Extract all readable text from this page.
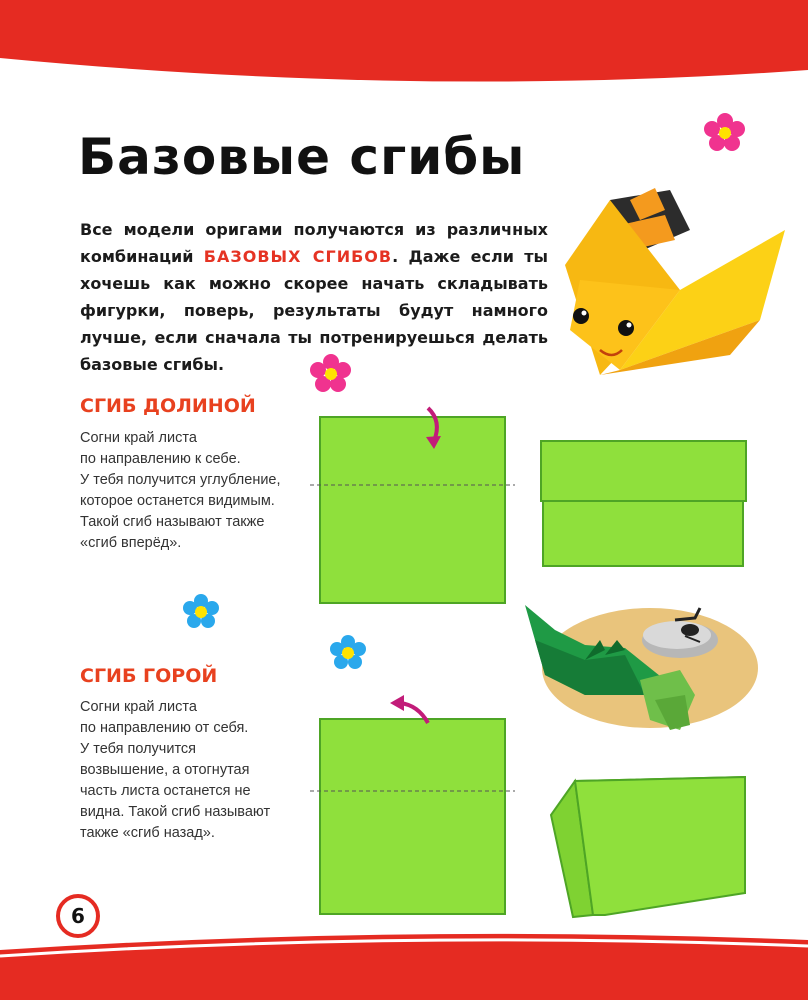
Базовые сгибы
Все модели оригами получаются из различных комбинаций БАЗОВЫХ СГИБОВ. Даже если ты хочешь как можно скорее начать складывать фигурки, поверь, результаты будут намного лучше, если сначала ты потренируешься делать базовые сгибы.
СГИБ ДОЛИНОЙ
Согни край листа
по направлению к себе.
У тебя получится углубление,
которое останется видимым.
Такой сгиб называют также
«сгиб вперёд».
СГИБ ГОРОЙ
Согни край листа
по направлению от себя.
У тебя получится
возвышение, а отогнутая
часть листа останется не
видна. Такой сгиб называют
также «сгиб назад».
6
